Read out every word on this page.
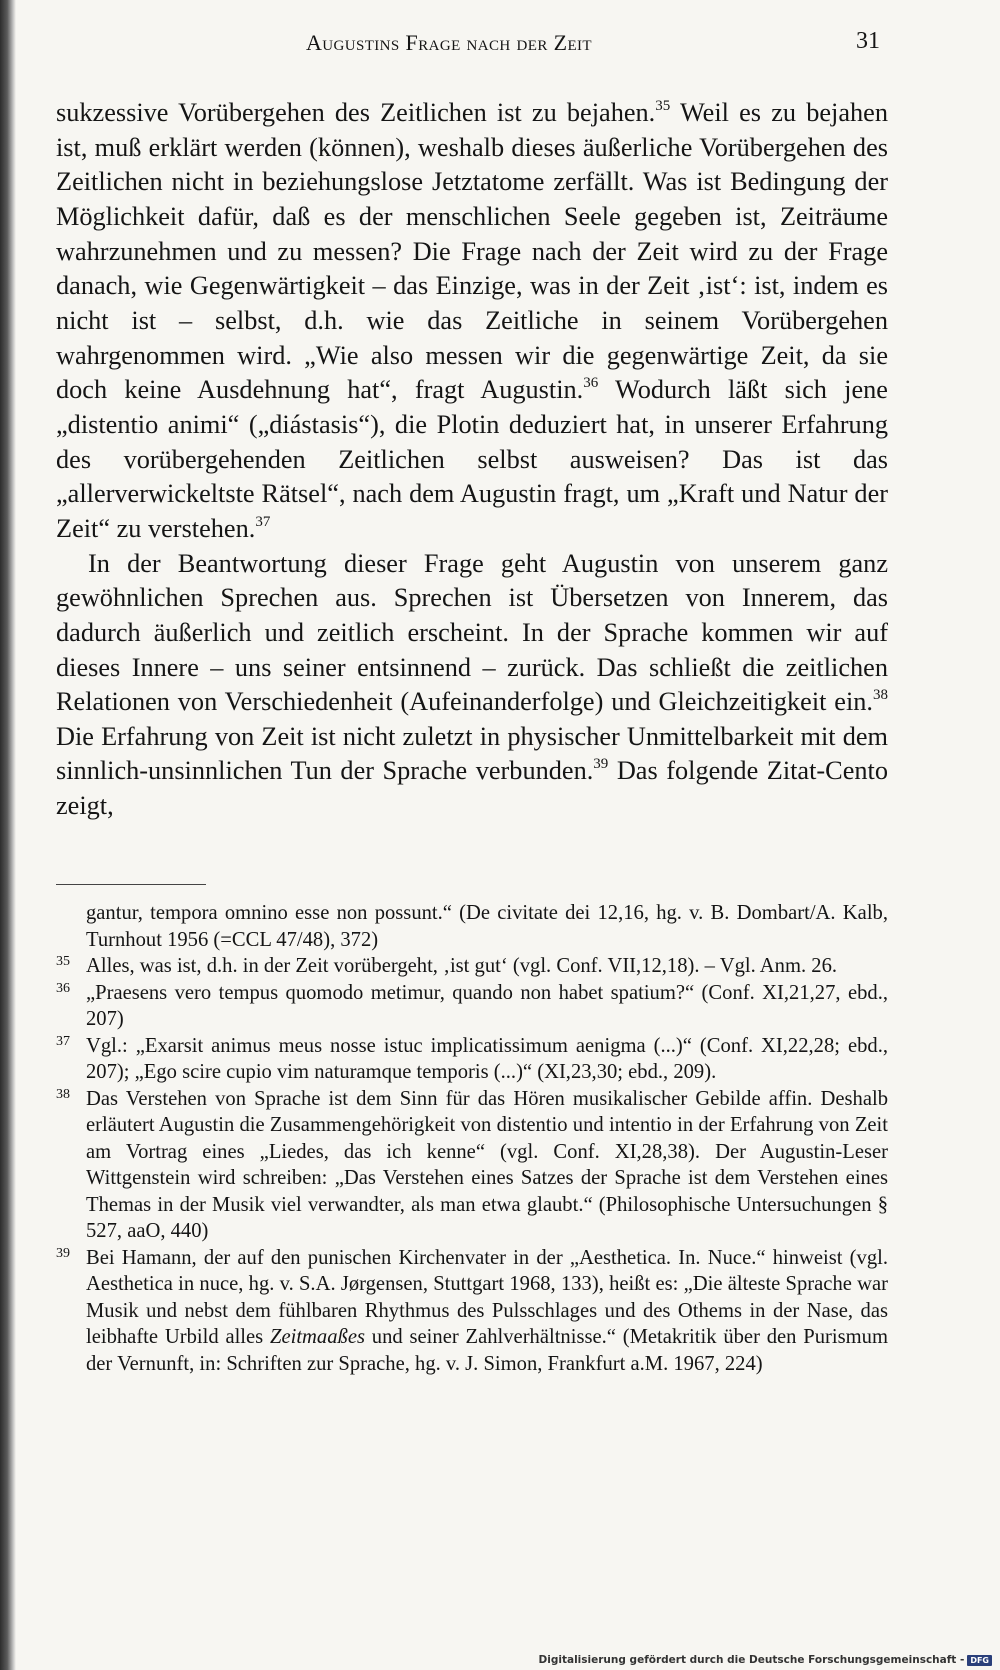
Augustins Frage nach der Zeit	31

sukzessive Vorübergehen des Zeitlichen ist zu bejahen.$^{35}$ Weil es zu bejahen ist, muß erklärt werden (können), weshalb dieses äußerliche Vorübergehen des Zeitlichen nicht in beziehungslose Jetztatome zerfällt. Was ist Bedingung der Möglichkeit dafür, daß es der menschlichen Seele gegeben ist, Zeiträume wahrzunehmen und zu messen? Die Frage nach der Zeit wird zu der Frage danach, wie Gegenwärtigkeit – das Einzige, was in der Zeit ‚ist‘: ist, indem es nicht ist – selbst, d.h. wie das Zeitliche in seinem Vorübergehen wahrgenommen wird. „Wie also messen wir die gegenwärtige Zeit, da sie doch keine Ausdehnung hat“, fragt Augustin.$^{36}$ Wodurch läßt sich jene „distentio animi“ („diástasis“), die Plotin deduziert hat, in unserer Erfahrung des vorübergehenden Zeitlichen selbst ausweisen? Das ist das „allerverwickeltste Rätsel“, nach dem Augustin fragt, um „Kraft und Natur der Zeit“ zu verstehen.$^{37}$

In der Beantwortung dieser Frage geht Augustin von unserem ganz gewöhnlichen Sprechen aus. Sprechen ist Übersetzen von Innerem, das dadurch äußerlich und zeitlich erscheint. In der Sprache kommen wir auf dieses Innere – uns seiner entsinnend – zurück. Das schließt die zeitlichen Relationen von Verschiedenheit (Aufeinanderfolge) und Gleichzeitigkeit ein.$^{38}$ Die Erfahrung von Zeit ist nicht zuletzt in physischer Unmittelbarkeit mit dem sinnlich-unsinnlichen Tun der Sprache verbunden.$^{39}$ Das folgende Zitat-Cento zeigt,

gantur, tempora omnino esse non possunt.“ (De civitate dei 12,16, hg. v. B. Dombart/A. Kalb, Turnhout 1956 (=CCL 47/48), 372)
35 Alles, was ist, d.h. in der Zeit vorübergeht, ‚ist gut‘ (vgl. Conf. VII,12,18). – Vgl. Anm. 26.
36 „Praesens vero tempus quomodo metimur, quando non habet spatium?“ (Conf. XI,21,27, ebd., 207)
37 Vgl.: „Exarsit animus meus nosse istuc implicatissimum aenigma (...)“ (Conf. XI,22,28; ebd., 207); „Ego scire cupio vim naturamque temporis (...)“ (XI,23,30; ebd., 209).
38 Das Verstehen von Sprache ist dem Sinn für das Hören musikalischer Gebilde affin. Deshalb erläutert Augustin die Zusammengehörigkeit von distentio und intentio in der Erfahrung von Zeit am Vortrag eines „Liedes, das ich kenne“ (vgl. Conf. XI,28,38). Der Augustin-Leser Wittgenstein wird schreiben: „Das Verstehen eines Satzes der Sprache ist dem Verstehen eines Themas in der Musik viel verwandter, als man etwa glaubt.“ (Philosophische Untersuchungen § 527, aaO, 440)
39 Bei Hamann, der auf den punischen Kirchenvater in der „Aesthetica. In. Nuce.“ hinweist (vgl. Aesthetica in nuce, hg. v. S.A. Jørgensen, Stuttgart 1968, 133), heißt es: „Die älteste Sprache war Musik und nebst dem fühlbaren Rhythmus des Pulsschlages und des Othems in der Nase, das leibhafte Urbild alles Zeitmaaßes und seiner Zahlverhältnisse.“ (Metakritik über den Purismum der Vernunft, in: Schriften zur Sprache, hg. v. J. Simon, Frankfurt a.M. 1967, 224)
Digitalisierung gefördert durch die Deutsche Forschungsgemeinschaft - DFG
